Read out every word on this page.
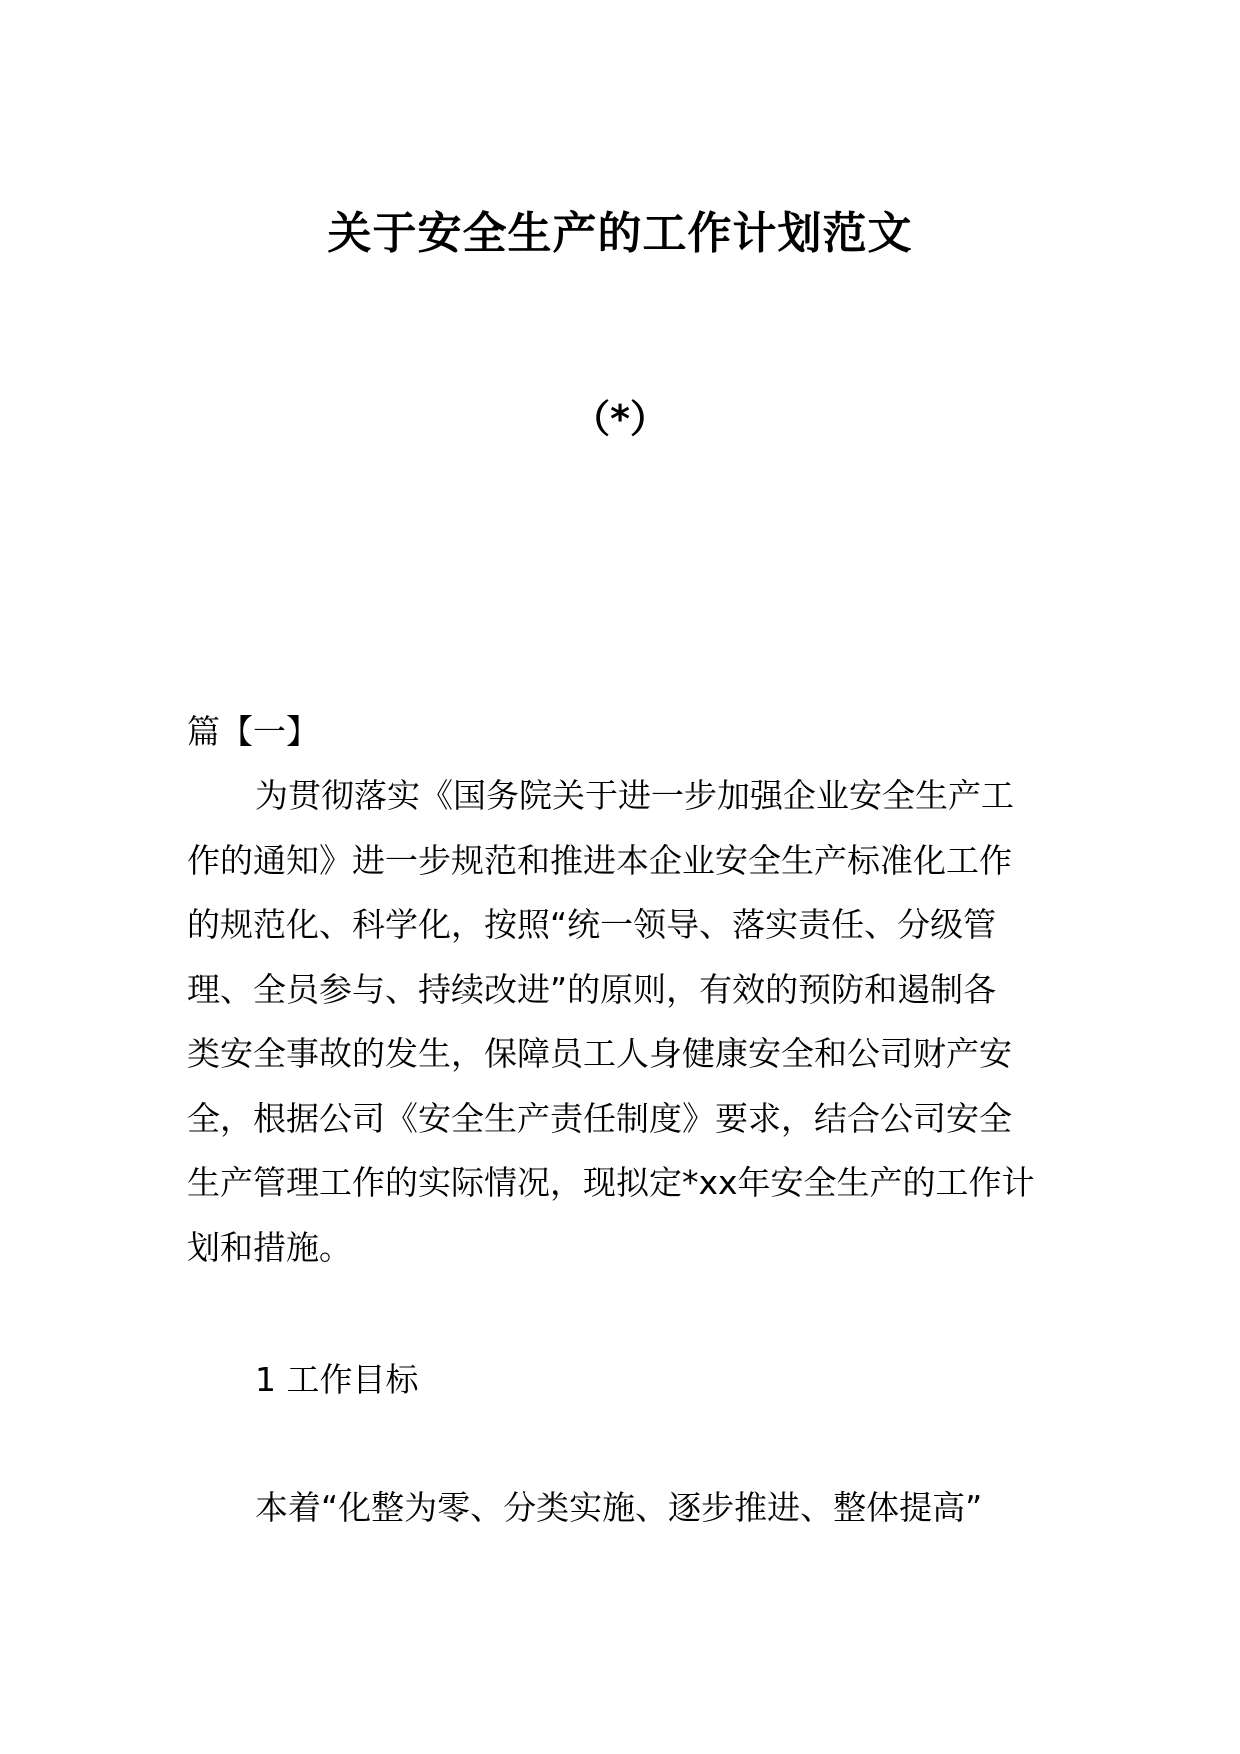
关于安全生产的工作计划范文
（*）
篇【一】
为贯彻落实《国务院关于进一步加强企业安全生产工
作的通知》进一步规范和推进本企业安全生产标准化工作
的规范化、科学化，按照“统一领导、落实责任、分级管
理、全员参与、持续改进”的原则，有效的预防和遏制各
类安全事故的发生，保障员工人身健康安全和公司财产安
全，根据公司《安全生产责任制度》要求，结合公司安全
生产管理工作的实际情况，现拟定*xx年安全生产的工作计
划和措施。
1 工作目标
本着“化整为零、分类实施、逐步推进、整体提高”
